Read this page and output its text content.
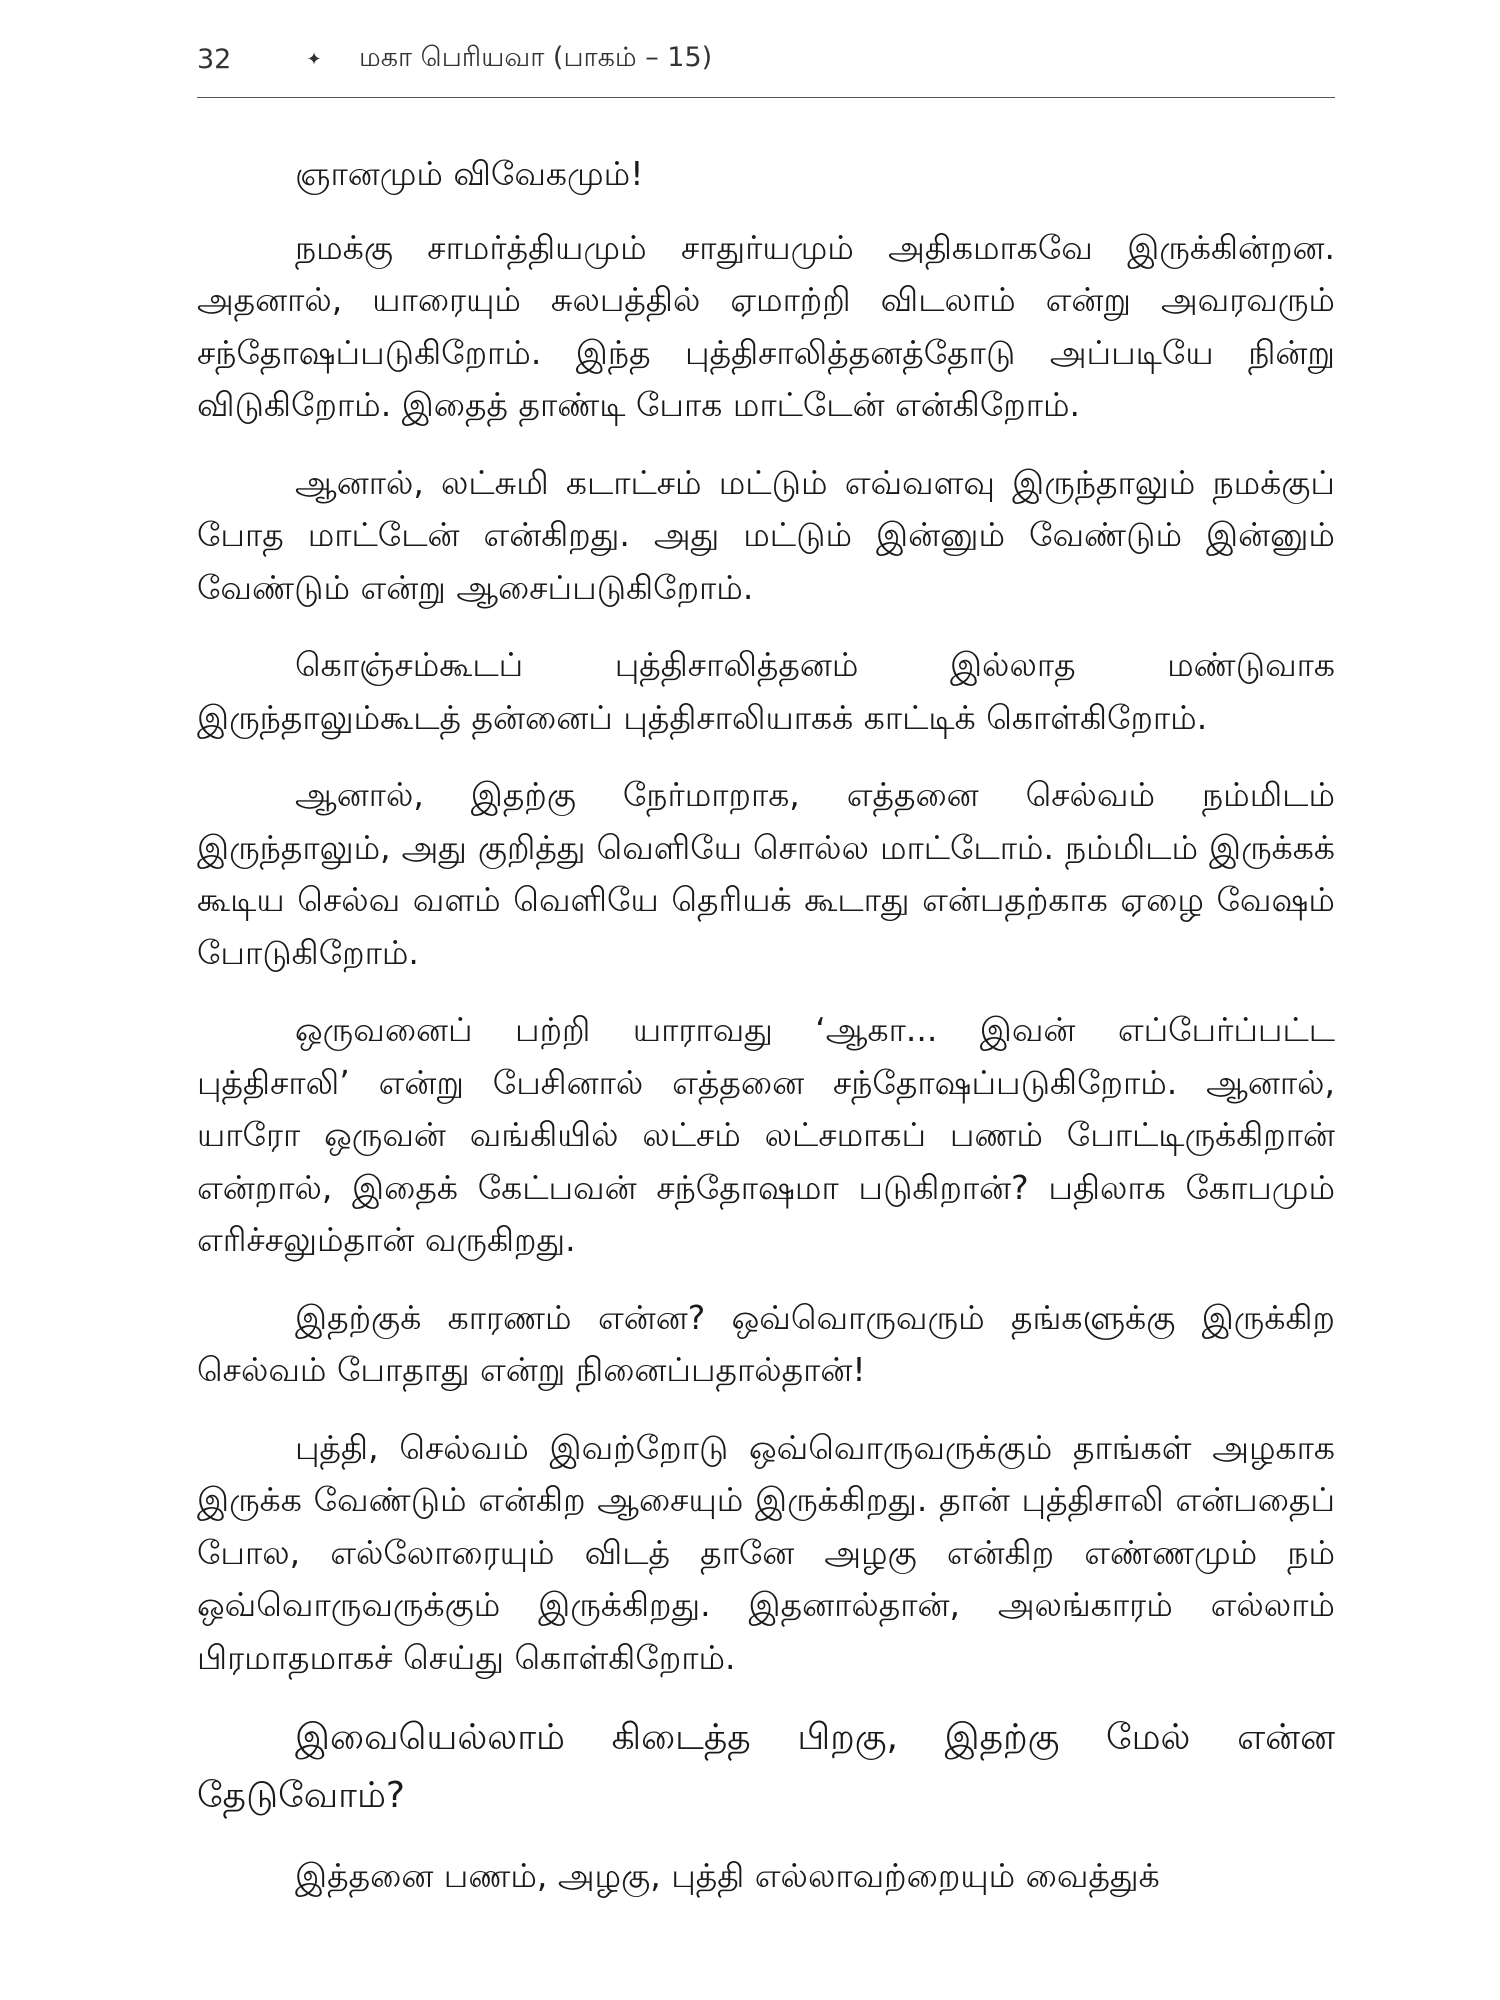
32	✦ மகா பெரியவா (பாகம் – 15)

ஞானமும் விவேகமும்!

நமக்கு சாமர்த்தியமும் சாதுர்யமும் அதிகமாகவே இருக்கின்றன. அதனால், யாரையும் சுலபத்தில் ஏமாற்றி விடலாம் என்று அவரவரும் சந்தோஷப்படுகிறோம். இந்த புத்திசாலித்தனத்தோடு அப்படியே நின்று விடுகிறோம். இதைத் தாண்டி போக மாட்டேன் என்கிறோம்.

ஆனால், லட்சுமி கடாட்சம் மட்டும் எவ்வளவு இருந்தாலும் நமக்குப் போத மாட்டேன் என்கிறது. அது மட்டும் இன்னும் வேண்டும் இன்னும் வேண்டும் என்று ஆசைப்படுகிறோம்.

கொஞ்சம்கூடப் புத்திசாலித்தனம் இல்லாத மண்டுவாக இருந்தாலும்கூடத் தன்னைப் புத்திசாலியாகக் காட்டிக் கொள்கிறோம்.

ஆனால், இதற்கு நேர்மாறாக, எத்தனை செல்வம் நம்மிடம் இருந்தாலும், அது குறித்து வெளியே சொல்ல மாட்டோம். நம்மிடம் இருக்கக் கூடிய செல்வ வளம் வெளியே தெரியக் கூடாது என்பதற்காக ஏழை வேஷம் போடுகிறோம்.

ஒருவனைப் பற்றி யாராவது ‘ஆகா... இவன் எப்பேர்ப்பட்ட புத்திசாலி’ என்று பேசினால் எத்தனை சந்தோஷப்படுகிறோம். ஆனால், யாரோ ஒருவன் வங்கியில் லட்சம் லட்சமாகப் பணம் போட்டிருக்கிறான் என்றால், இதைக் கேட்பவன் சந்தோஷமா படுகிறான்? பதிலாக கோபமும் எரிச்சலும்தான் வருகிறது.

இதற்குக் காரணம் என்ன? ஒவ்வொருவரும் தங்களுக்கு இருக்கிற செல்வம் போதாது என்று நினைப்பதால்தான்!

புத்தி, செல்வம் இவற்றோடு ஒவ்வொருவருக்கும் தாங்கள் அழகாக இருக்க வேண்டும் என்கிற ஆசையும் இருக்கிறது. தான் புத்திசாலி என்பதைப் போல, எல்லோரையும் விடத் தானே அழகு என்கிற எண்ணமும் நம் ஒவ்வொருவருக்கும் இருக்கிறது. இதனால்தான், அலங்காரம் எல்லாம் பிரமாதமாகச் செய்து கொள்கிறோம்.

இவையெல்லாம் கிடைத்த பிறகு, இதற்கு மேல் என்ன தேடுவோம்?

இத்தனை பணம், அழகு, புத்தி எல்லாவற்றையும் வைத்துக்
